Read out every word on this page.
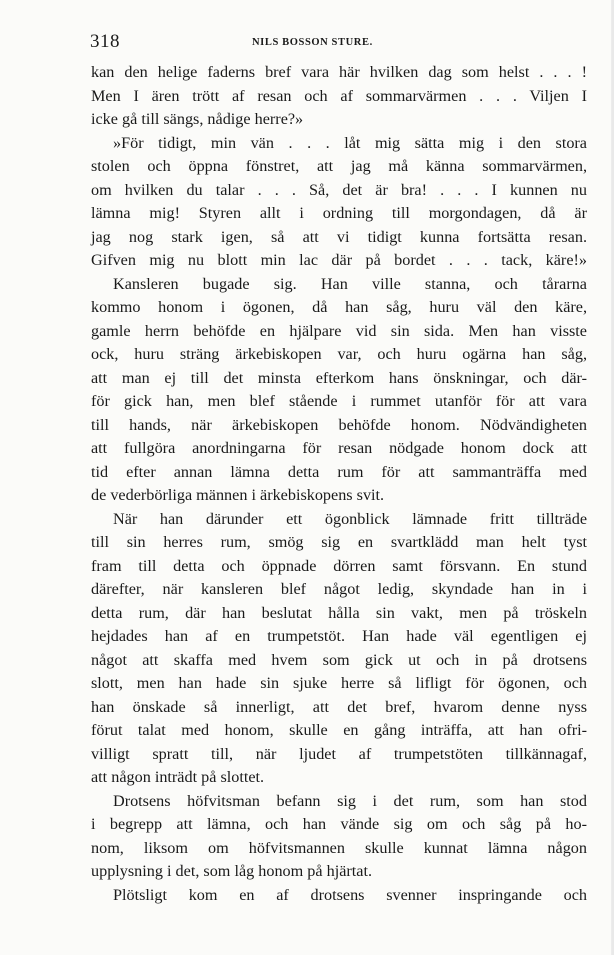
318	NILS BOSSON STURE.
kan den helige faderns bref vara här hvilken dag som helst . . . !
Men I ären trött af resan och af sommarvärmen . . . Viljen I
icke gå till sängs, nådige herre?»
»För tidigt, min vän . . . låt mig sätta mig i den stora
stolen och öppna fönstret, att jag må känna sommarvärmen,
om hvilken du talar . . . Så, det är bra! . . . I kunnen nu
lämna mig! Styren allt i ordning till morgondagen, då är
jag nog stark igen, så att vi tidigt kunna fortsätta resan.
Gifven mig nu blott min lac där på bordet . . . tack, käre!»
Kansleren bugade sig. Han ville stanna, och tårarna
kommo honom i ögonen, då han såg, huru väl den käre,
gamle herrn behöfde en hjälpare vid sin sida. Men han visste
ock, huru sträng ärkebiskopen var, och huru ogärna han såg,
att man ej till det minsta efterkom hans önskningar, och där-
för gick han, men blef stående i rummet utanför för att vara
till hands, när ärkebiskopen behöfde honom. Nödvändigheten
att fullgöra anordningarna för resan nödgade honom dock att
tid efter annan lämna detta rum för att sammanträffa med
de vederbörliga männen i ärkebiskopens svit.
När han därunder ett ögonblick lämnade fritt tillträde
till sin herres rum, smög sig en svartklädd man helt tyst
fram till detta och öppnade dörren samt försvann. En stund
därefter, när kansleren blef något ledig, skyndade han in i
detta rum, där han beslutat hålla sin vakt, men på tröskeln
hejdades han af en trumpetstöt. Han hade väl egentligen ej
något att skaffa med hvem som gick ut och in på drotsens
slott, men han hade sin sjuke herre så lifligt för ögonen, och
han önskade så innerligt, att det bref, hvarom denne nyss
förut talat med honom, skulle en gång inträffa, att han ofri-
villigt spratt till, när ljudet af trumpetstöten tillkännagaf,
att någon inträdt på slottet.
Drotsens höfvitsman befann sig i det rum, som han stod
i begrepp att lämna, och han vände sig om och såg på ho-
nom, liksom om höfvitsmannen skulle kunnat lämna någon
upplysning i det, som låg honom på hjärtat.
Plötsligt kom en af drotsens svenner inspringande och
